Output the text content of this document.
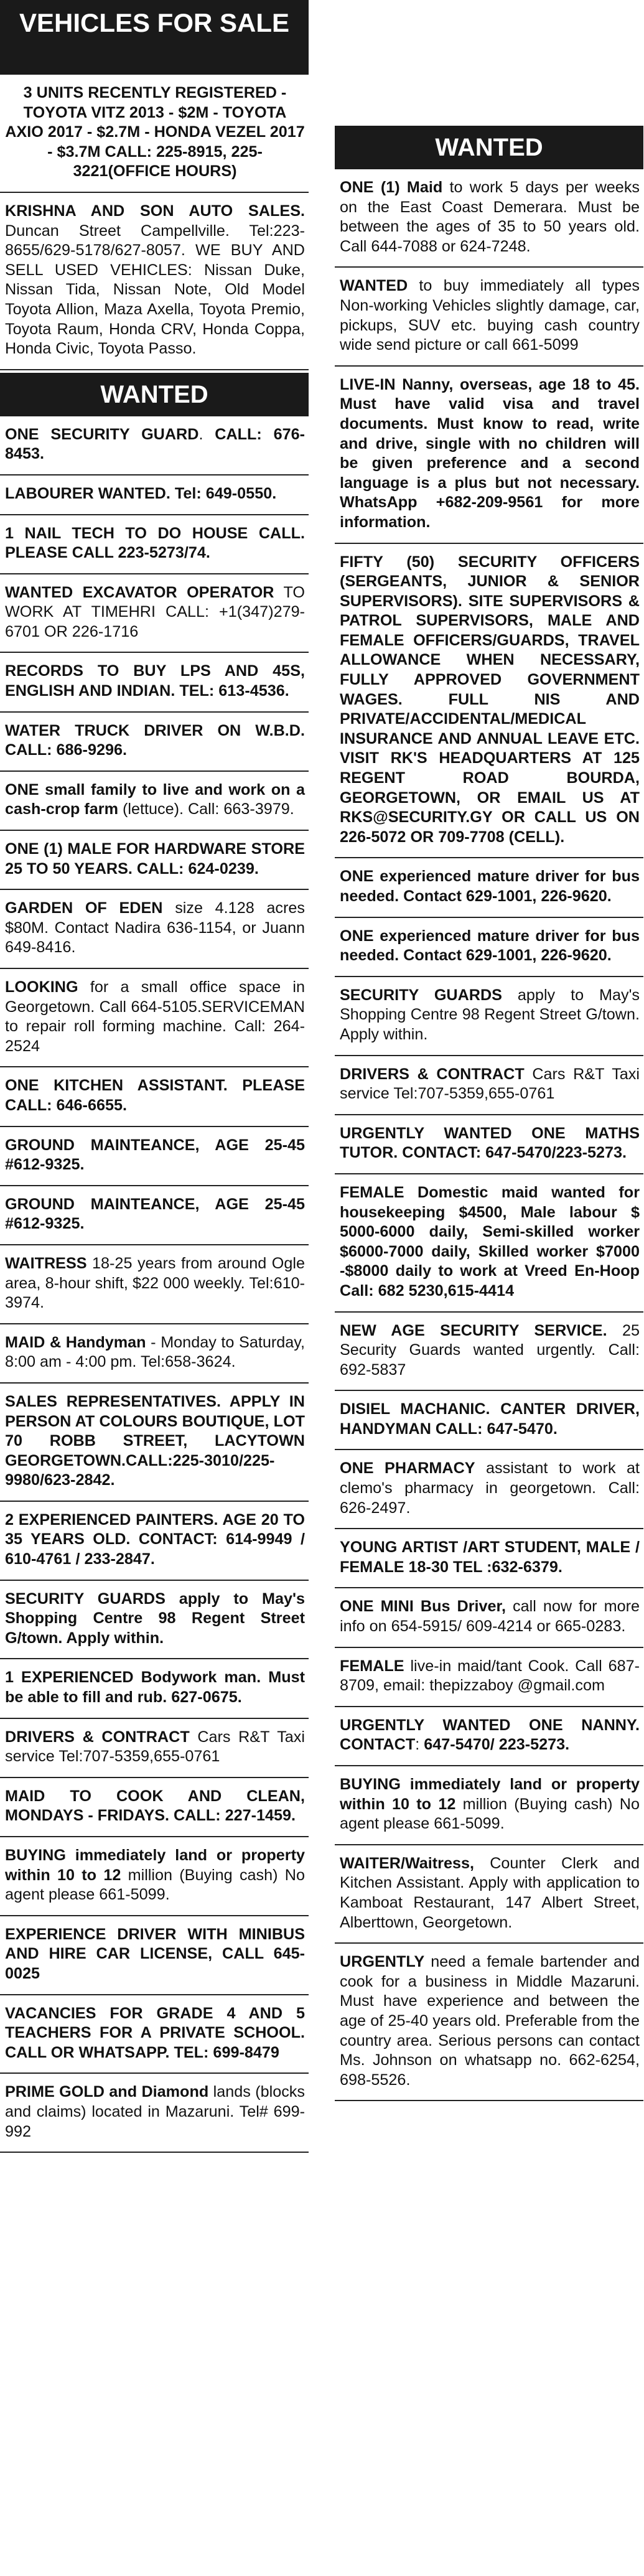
VEHICLES FOR SALE
3 UNITS RECENTLY REGISTERED - TOYOTA VITZ 2013 - $2M - TOYOTA AXIO 2017 - $2.7M - HONDA VEZEL 2017 - $3.7M CALL: 225-8915, 225-3221(OFFICE HOURS)
KRISHNA AND SON AUTO SALES. Duncan Street Campellville. Tel:223-8655/629-5178/627-8057. WE BUY AND SELL USED VEHICLES: Nissan Duke, Nissan Tida, Nissan Note, Old Model Toyota Allion, Maza Axella, Toyota Premio, Toyota Raum, Honda CRV, Honda Coppa, Honda Civic, Toyota Passo.
WANTED
ONE SECURITY GUARD. CALL: 676-8453.
LABOURER WANTED. Tel: 649-0550.
1 NAIL TECH TO DO HOUSE CALL. PLEASE CALL 223-5273/74.
WANTED EXCAVATOR OPERATOR TO WORK AT TIMEHRI CALL: +1(347)279-6701 OR 226-1716
RECORDS TO BUY LPS AND 45S, ENGLISH AND INDIAN. TEL: 613-4536.
WATER TRUCK DRIVER ON W.B.D. CALL: 686-9296.
ONE small family to live and work on a cash-crop farm (lettuce). Call: 663-3979.
ONE (1) MALE FOR HARDWARE STORE 25 TO 50 YEARS. CALL: 624-0239.
GARDEN OF EDEN size 4.128 acres $80M. Contact Nadira 636-1154, or Juann 649-8416.
LOOKING for a small office space in Georgetown. Call 664-5105.SERVICEMAN to repair roll forming machine. Call: 264-2524
ONE KITCHEN ASSISTANT. PLEASE CALL: 646-6655.
GROUND MAINTEANCE, AGE 25-45 #612-9325.
GROUND MAINTEANCE, AGE 25-45 #612-9325.
WAITRESS 18-25 years from around Ogle area, 8-hour shift, $22 000 weekly. Tel:610-3974.
MAID & Handyman - Monday to Saturday, 8:00 am - 4:00 pm. Tel:658-3624.
SALES REPRESENTATIVES. APPLY IN PERSON AT COLOURS BOUTIQUE, LOT 70 ROBB STREET, LACYTOWN GEORGETOWN.CALL:225-3010/225-9980/623-2842.
2 EXPERIENCED PAINTERS. AGE 20 TO 35 YEARS OLD. CONTACT: 614-9949 / 610-4761 / 233-2847.
SECURITY GUARDS apply to May's Shopping Centre 98 Regent Street G/town. Apply within.
1 EXPERIENCED Bodywork man. Must be able to fill and rub. 627-0675.
DRIVERS & CONTRACT Cars R&T Taxi service Tel:707-5359,655-0761
MAID TO COOK AND CLEAN, MONDAYS - FRIDAYS. CALL: 227-1459.
BUYING immediately land or property within 10 to 12 million (Buying cash) No agent please 661-5099.
EXPERIENCE DRIVER WITH MINIBUS AND HIRE CAR LICENSE, CALL 645-0025
VACANCIES FOR GRADE 4 AND 5 TEACHERS FOR A PRIVATE SCHOOL. CALL OR WHATSAPP. TEL: 699-8479
PRIME GOLD and Diamond lands (blocks and claims) located in Mazaruni. Tel# 699-992
WANTED
ONE (1) Maid to work 5 days per weeks on the East Coast Demerara. Must be between the ages of 35 to 50 years old. Call 644-7088 or 624-7248.
WANTED to buy immediately all types Non-working Vehicles slightly damage, car, pickups, SUV etc. buying cash country wide send picture or call 661-5099
LIVE-IN Nanny, overseas, age 18 to 45. Must have valid visa and travel documents. Must know to read, write and drive, single with no children will be given preference and a second language is a plus but not necessary. WhatsApp +682-209-9561 for more information.
FIFTY (50) SECURITY OFFICERS (SERGEANTS, JUNIOR & SENIOR SUPERVISORS). SITE SUPERVISORS & PATROL SUPERVISORS, MALE AND FEMALE OFFICERS/GUARDS, TRAVEL ALLOWANCE WHEN NECESSARY, FULLY APPROVED GOVERNMENT WAGES. FULL NIS AND PRIVATE/ACCIDENTAL/MEDICAL INSURANCE AND ANNUAL LEAVE ETC. VISIT RK'S HEADQUARTERS AT 125 REGENT ROAD BOURDA, GEORGETOWN, OR EMAIL US AT RKS@SECURITY.GY OR CALL US ON 226-5072 OR 709-7708 (CELL).
ONE experienced mature driver for bus needed. Contact 629-1001, 226-9620.
ONE experienced mature driver for bus needed. Contact 629-1001, 226-9620.
SECURITY GUARDS apply to May's Shopping Centre 98 Regent Street G/town. Apply within.
DRIVERS & CONTRACT Cars R&T Taxi service Tel:707-5359,655-0761
URGENTLY WANTED ONE MATHS TUTOR. CONTACT: 647-5470/223-5273.
FEMALE Domestic maid wanted for housekeeping $4500, Male labour $ 5000-6000 daily, Semi-skilled worker $6000-7000 daily, Skilled worker $7000 -$8000 daily to work at Vreed En-Hoop Call: 682 5230,615-4414
NEW AGE SECURITY SERVICE. 25 Security Guards wanted urgently. Call: 692-5837
DISIEL MACHANIC. CANTER DRIVER, HANDYMAN CALL: 647-5470.
ONE PHARMACY assistant to work at clemo's pharmacy in georgetown. Call: 626-2497.
YOUNG ARTIST /ART STUDENT, MALE / FEMALE 18-30 TEL :632-6379.
ONE MINI Bus Driver, call now for more info on 654-5915/ 609-4214 or 665-0283.
FEMALE live-in maid/tant Cook. Call 687-8709, email: thepizzaboy @gmail.com
URGENTLY WANTED ONE NANNY. CONTACT: 647-5470/ 223-5273.
BUYING immediately land or property within 10 to 12 million (Buying cash) No agent please 661-5099.
WAITER/Waitress, Counter Clerk and Kitchen Assistant. Apply with application to Kamboat Restaurant, 147 Albert Street, Alberttown, Georgetown.
URGENTLY need a female bartender and cook for a business in Middle Mazaruni. Must have experience and between the age of 25-40 years old. Preferable from the country area. Serious persons can contact Ms. Johnson on whatsapp no. 662-6254, 698-5526.
